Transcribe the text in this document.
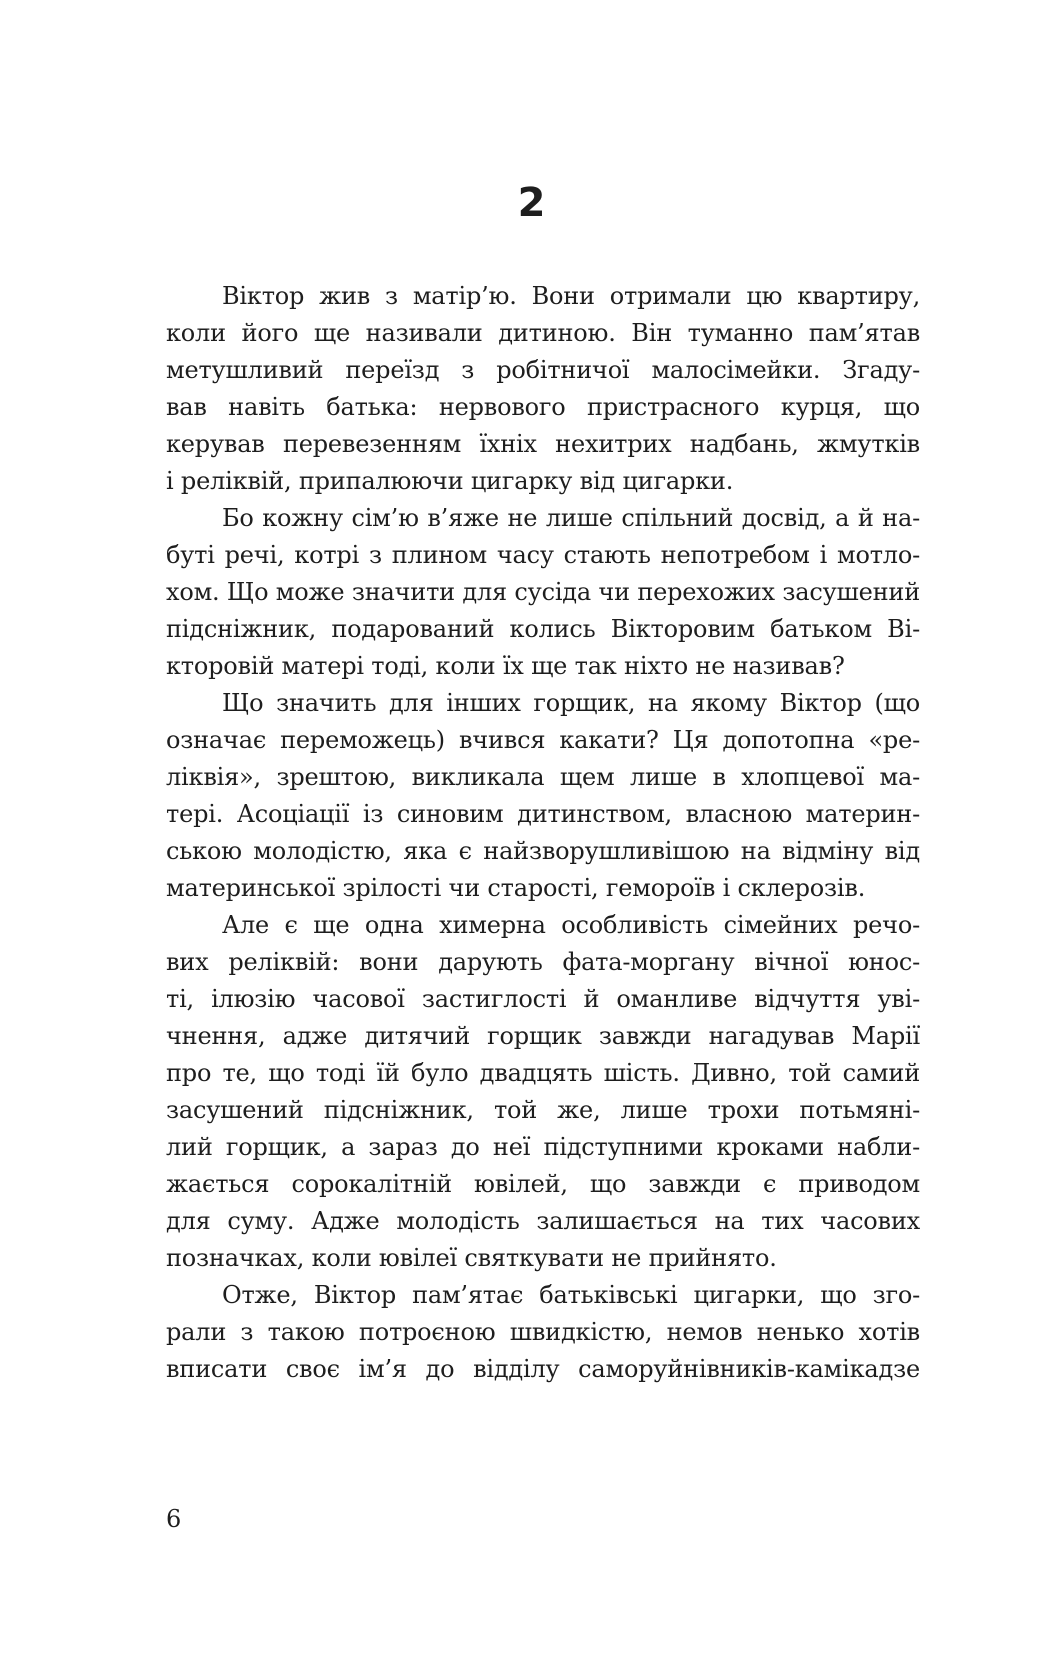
2
Віктор жив з матір’ю. Вони отримали цю квартиру,
коли його ще називали дитиною. Він туманно пам’ятав
метушливий переїзд з робітничої малосімейки. Згаду-
вав навіть батька: нервового пристрасного курця, що
керував перевезенням їхніх нехитрих надбань, жмутків
і реліквій, припалюючи цигарку від цигарки.
Бо кожну сім’ю в’яже не лише спільний досвід, а й на-
буті речі, котрі з плином часу стають непотребом і мотло-
хом. Що може значити для сусіда чи перехожих засушений
підсніжник, подарований колись Вікторовим батьком Ві-
кторовій матері тоді, коли їх ще так ніхто не називав?
Що значить для інших горщик, на якому Віктор (що
означає переможець) вчився какати? Ця допотопна «ре-
ліквія», зрештою, викликала щем лише в хлопцевої ма-
тері. Асоціації із синовим дитинством, власною материн-
ською молодістю, яка є найзворушливішою на відміну від
материнської зрілості чи старості, гемороїв і склерозів.
Але є ще одна химерна особливість сімейних речо-
вих реліквій: вони дарують фата-моргану вічної юнос-
ті, ілюзію часової застиглості й оманливе відчуття уві-
чнення, адже дитячий горщик завжди нагадував Марії
про те, що тоді їй було двадцять шість. Дивно, той самий
засушений підсніжник, той же, лише трохи потьмяні-
лий горщик, а зараз до неї підступними кроками набли-
жається сорокалітній ювілей, що завжди є приводом
для суму. Адже молодість залишається на тих часових
позначках, коли ювілеї святкувати не прийнято.
Отже, Віктор пам’ятає батьківські цигарки, що зго-
рали з такою потроєною швидкістю, немов ненько хотів
вписати своє ім’я до відділу саморуйнівників-камікадзе
6
